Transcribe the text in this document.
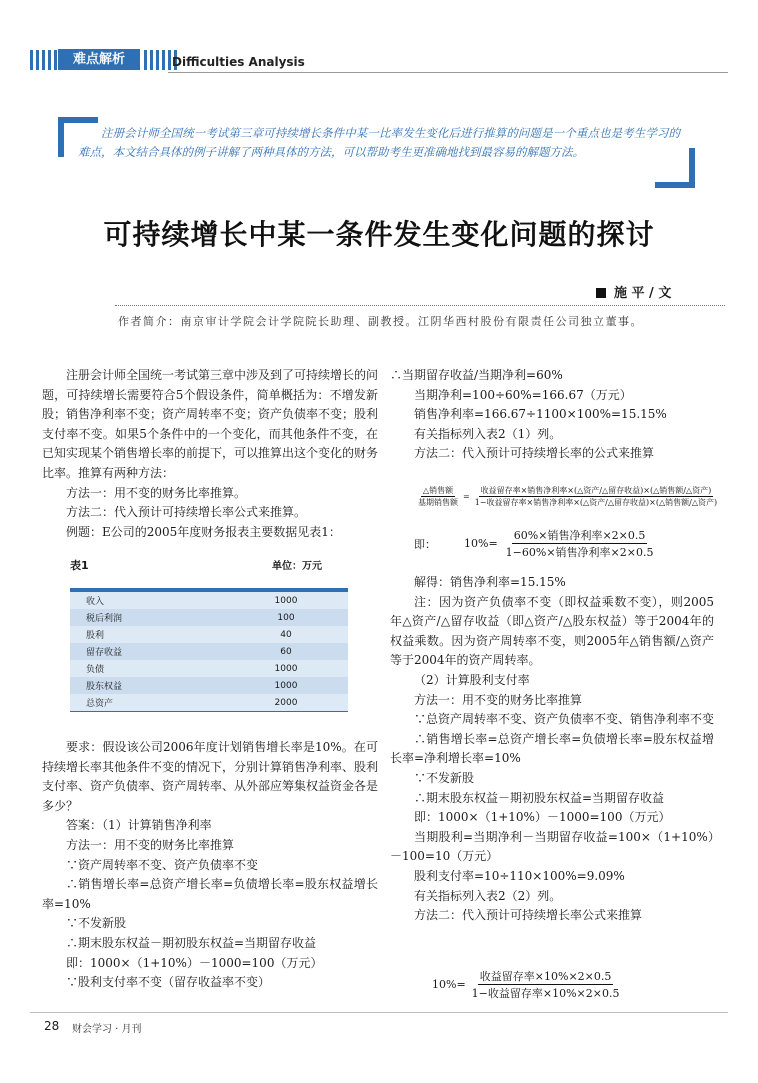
难点解析	Difficulties Analysis
注册会计师全国统一考试第三章可持续增长条件中某一比率发生变化后进行推算的问题是一个重点也是考生学习的难点，本文结合具体的例子讲解了两种具体的方法，可以帮助考生更准确地找到最容易的解题方法。
可持续增长中某一条件发生变化问题的探讨
施 平 / 文
作者简介：南京审计学院会计学院院长助理、副教授。江阴华西村股份有限责任公司独立董事。

注册会计师全国统一考试第三章中涉及到了可持续增长的问题，可持续增长需要符合5个假设条件，简单概括为：不增发新股；销售净利率不变；资产周转率不变；资产负债率不变；股利支付率不变。如果5个条件中的一个变化，而其他条件不变，在已知实现某个销售增长率的前提下，可以推算出这个变化的财务比率。推算有两种方法：

方法一：用不变的财务比率推算。

方法二：代入预计可持续增长率公式来推算。

例题：E公司的2005年度财务报表主要数据见表1：

表1	单位：万元
收入	1000
税后利润	100
股利	40
留存收益	60
负债	1000
股东权益	1000
总资产	2000

要求：假设该公司2006年度计划销售增长率是10%。在可持续增长率其他条件不变的情况下，分别计算销售净利率、股利支付率、资产负债率、资产周转率、从外部应筹集权益资金各是多少？

答案：（1）计算销售净利率

方法一：用不变的财务比率推算

∵资产周转率不变、资产负债率不变

∴销售增长率=总资产增长率=负债增长率=股东权益增长率=10%

∵不发新股

∴期末股东权益－期初股东权益=当期留存收益

即：1000×（1+10%）－1000=100（万元）

∵股利支付率不变（留存收益率不变）

∴当期留存收益/当期净利=60%

当期净利=100÷60%=166.67（万元）

销售净利率=166.67÷1100×100%=15.15%

有关指标列入表2（1）列。

方法二：代入预计可持续增长率的公式来推算

$\frac{\text{△销售额}}{\text{基期销售额}} = \frac{\text{收益留存率×销售净利率×(△资产/△留存收益)×(△销售额/△资产)}}{\text{1−收益留存率×销售净利率×(△资产/△留存收益)×(△销售额/△资产)}}$
即：	$10\%= \frac{\text{60\%×销售净利率×2×0.5}}{\text{1−60\%×销售净利率×2×0.5}}$

解得：销售净利率=15.15%

注：因为资产负债率不变（即权益乘数不变），则2005年△资产/△留存收益（即△资产/△股东权益）等于2004年的权益乘数。因为资产周转率不变，则2005年△销售额/△资产等于2004年的资产周转率。

（2）计算股利支付率

方法一：用不变的财务比率推算

∵总资产周转率不变、资产负债率不变、销售净利率不变

∴销售增长率=总资产增长率=负债增长率=股东权益增长率=净利增长率=10%

∵不发新股

∴期末股东权益－期初股东权益=当期留存收益

即：1000×（1+10%）－1000=100（万元）

当期股利=当期净利－当期留存收益=100×（1+10%）－100=10（万元）

股利支付率=10÷110×100%=9.09%

有关指标列入表2（2）列。

方法二：代入预计可持续增长率公式来推算

$10\%= \frac{\text{收益留存率×10\%×2×0.5}}{\text{1−收益留存率×10\%×2×0.5}}$
28 财会学习 · 月刊
